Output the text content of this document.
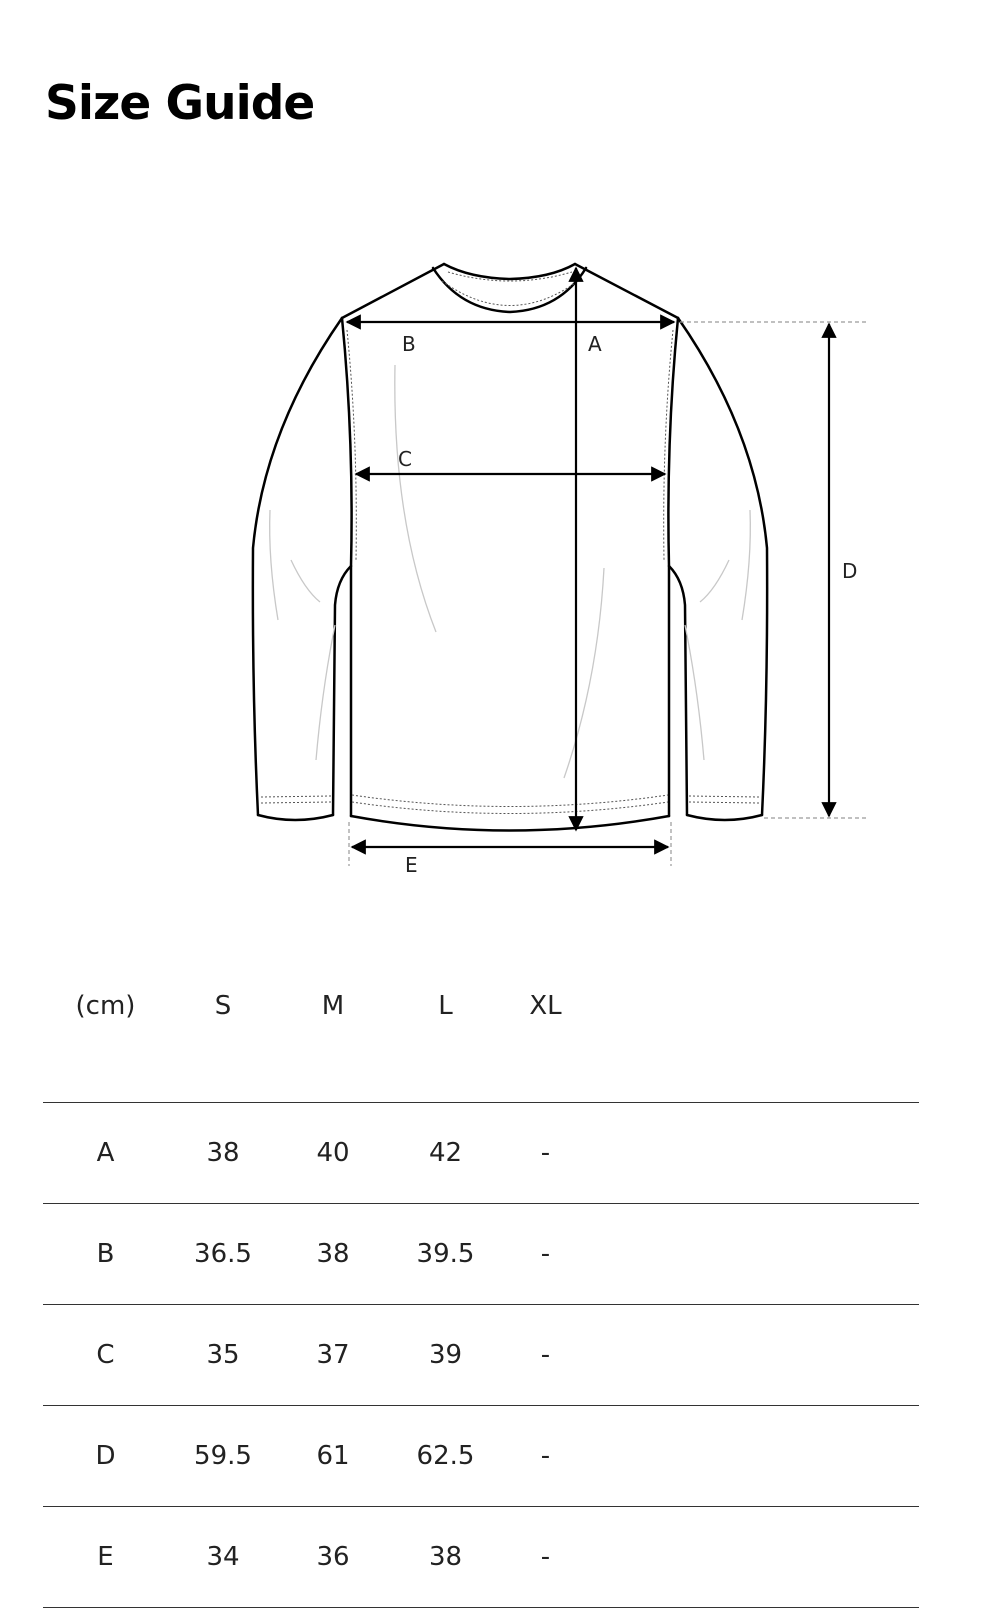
Size Guide
B	A
C
D
E
(cm)	S	M	L	XL	
A	38	40	42	-	
B	36.5	38	39.5	-	
C	35	37	39	-	
D	59.5	61	62.5	-	
E	34	36	38	-	
